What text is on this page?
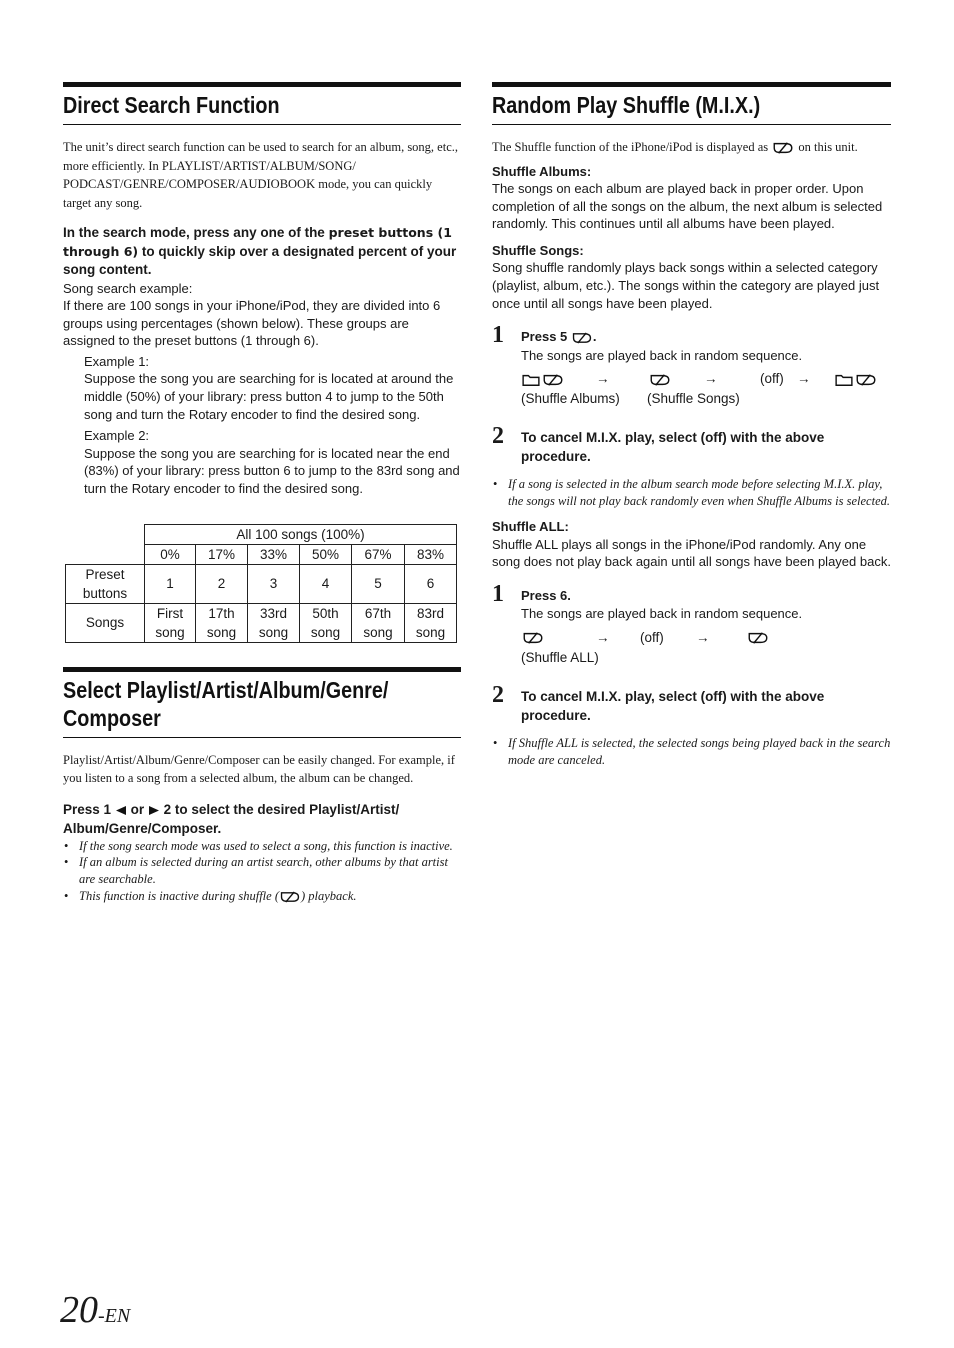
Direct Search Function

The unit’s direct search function can be used to search for an album, song, etc., more efficiently. In PLAYLIST/ARTIST/ALBUM/SONG/ PODCAST/GENRE/COMPOSER/AUDIOBOOK mode, you can quickly target any song.

In the search mode, press any one of the preset buttons (1 through 6) to quickly skip over a designated percent of your song content.

Song search example:

If there are 100 songs in your iPhone/iPod, they are divided into 6 groups using percentages (shown below). These groups are assigned to the preset buttons (1 through 6).

Example 1:

Suppose the song you are searching for is located at around the middle (50%) of your library: press button 4 to jump to the 50th song and turn the Rotary encoder to find the desired song.

Example 2:

Suppose the song you are searching for is located near the end (83%) of your library: press button 6 to jump to the 83rd song and turn the Rotary encoder to find the desired song.

	All 100 songs (100%)					
	0%	17%	33%	50%	67%	83%
Preset buttons	1	2	3	4	5	6
Songs	First song	17th song	33rd song	50th song	67th song	83rd song
Select Playlist/Artist/Album/Genre/
Composer

Playlist/Artist/Album/Genre/Composer can be easily changed. For example, if you listen to a song from a selected album, the album can be changed.

Press 1  or  2 to select the desired Playlist/Artist/ Album/Genre/Composer.

• If the song search mode was used to select a song, this function is inactive.
• If an album is selected during an artist search, other albums by that artist are searchable.
• This function is inactive during shuffle ( ) playback.
Random Play Shuffle (M.I.X.)

The Shuffle function of the iPhone/iPod is displayed as on this unit.

Shuffle Albums:

The songs on each album are played back in proper order. Upon completion of all the songs on the album, the next album is selected randomly. This continues until all albums have been played.

Shuffle Songs:

Song shuffle randomly plays back songs within a selected category (playlist, album, etc.). The songs within the category are played just once until all songs have been played.

1 Press 5 .

The songs are played back in random sequence.

→	→	(off) →
(Shuffle Albums) (Shuffle Songs)
2 To cancel M.I.X. play, select (off) with the above procedure.

• If a song is selected in the album search mode before selecting M.I.X. play, the songs will not play back randomly even when Shuffle Albums is selected.

Shuffle ALL:

Shuffle ALL plays all songs in the iPhone/iPod randomly. Any one song does not play back again until all songs have been played back.

1 Press 6.

The songs are played back in random sequence.

→ (off) →
(Shuffle ALL)
2 To cancel M.I.X. play, select (off) with the above procedure.

• If Shuffle ALL is selected, the selected songs being played back in the search mode are canceled.
20-EN
